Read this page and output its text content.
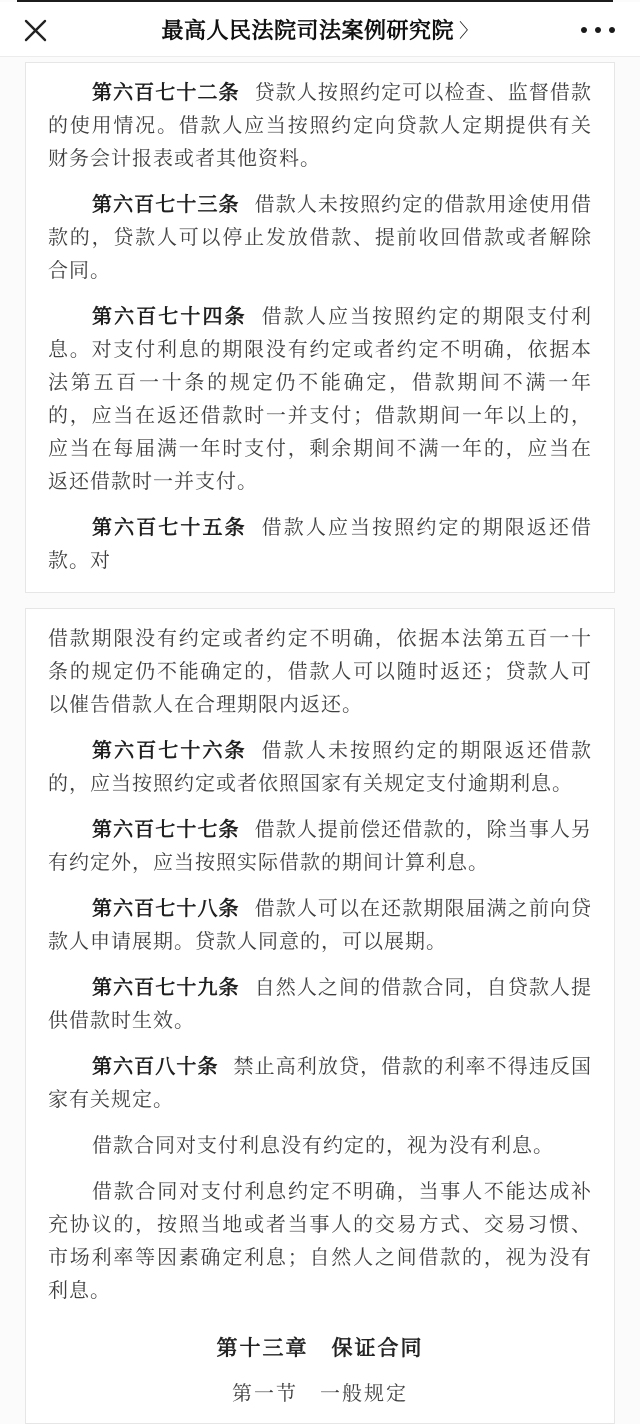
最高人民法院司法案例研究院 〉

第六百七十二条 贷款人按照约定可以检查、监督借款的使用情况。借款人应当按照约定向贷款人定期提供有关财务会计报表或者其他资料。

第六百七十三条 借款人未按照约定的借款用途使用借款的，贷款人可以停止发放借款、提前收回借款或者解除合同。

第六百七十四条 借款人应当按照约定的期限支付利息。对支付利息的期限没有约定或者约定不明确，依据本法第五百一十条的规定仍不能确定，借款期间不满一年的，应当在返还借款时一并支付；借款期间一年以上的，应当在每届满一年时支付，剩余期间不满一年的，应当在返还借款时一并支付。

第六百七十五条 借款人应当按照约定的期限返还借款。对

借款期限没有约定或者约定不明确，依据本法第五百一十条的规定仍不能确定的，借款人可以随时返还；贷款人可以催告借款人在合理期限内返还。

第六百七十六条 借款人未按照约定的期限返还借款的，应当按照约定或者依照国家有关规定支付逾期利息。

第六百七十七条 借款人提前偿还借款的，除当事人另有约定外，应当按照实际借款的期间计算利息。

第六百七十八条 借款人可以在还款期限届满之前向贷款人申请展期。贷款人同意的，可以展期。

第六百七十九条 自然人之间的借款合同，自贷款人提供借款时生效。

第六百八十条 禁止高利放贷，借款的利率不得违反国家有关规定。

借款合同对支付利息没有约定的，视为没有利息。

借款合同对支付利息约定不明确，当事人不能达成补充协议的，按照当地或者当事人的交易方式、交易习惯、市场利率等因素确定利息；自然人之间借款的，视为没有利息。

第十三章　保证合同

第一节　一般规定
